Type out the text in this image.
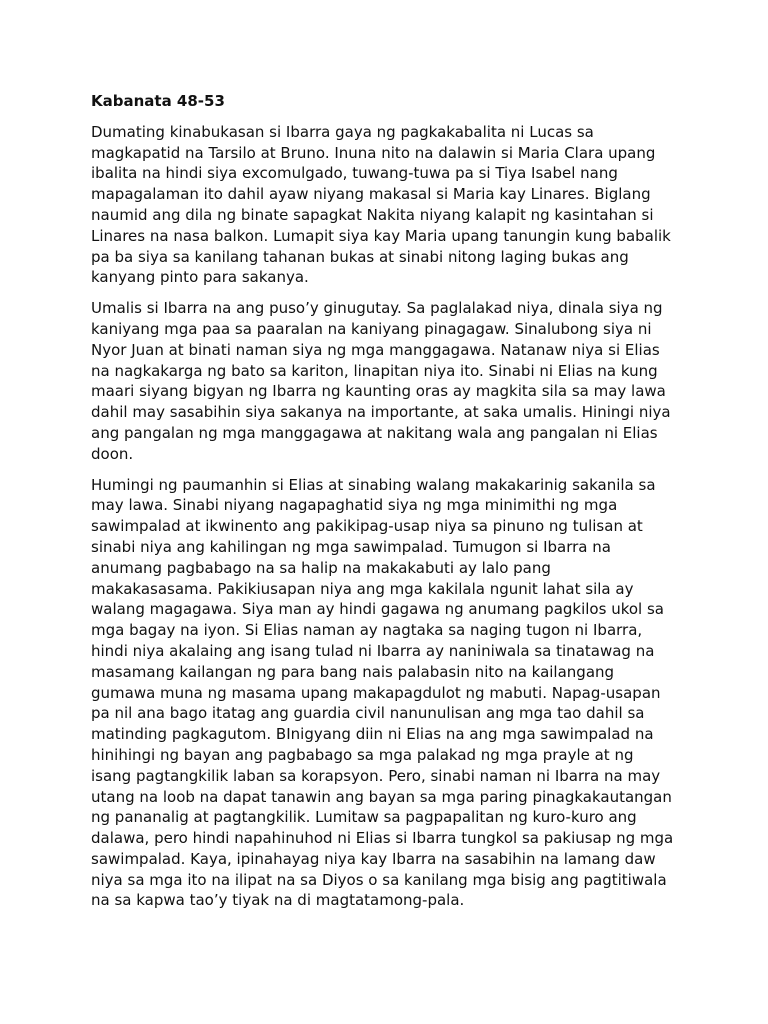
Kabanata 48-53
Dumating kinabukasan si Ibarra gaya ng pagkakabalita ni Lucas sa
magkapatid na Tarsilo at Bruno. Inuna nito na dalawin si Maria Clara upang
ibalita na hindi siya excomulgado, tuwang-tuwa pa si Tiya Isabel nang
mapagalaman ito dahil ayaw niyang makasal si Maria kay Linares. Biglang
naumid ang dila ng binate sapagkat Nakita niyang kalapit ng kasintahan si
Linares na nasa balkon. Lumapit siya kay Maria upang tanungin kung babalik
pa ba siya sa kanilang tahanan bukas at sinabi nitong laging bukas ang
kanyang pinto para sakanya.
Umalis si Ibarra na ang puso’y ginugutay. Sa paglalakad niya, dinala siya ng
kaniyang mga paa sa paaralan na kaniyang pinagagaw. Sinalubong siya ni
Nyor Juan at binati naman siya ng mga manggagawa. Natanaw niya si Elias
na nagkakarga ng bato sa kariton, linapitan niya ito. Sinabi ni Elias na kung
maari siyang bigyan ng Ibarra ng kaunting oras ay magkita sila sa may lawa
dahil may sasabihin siya sakanya na importante, at saka umalis. Hiningi niya
ang pangalan ng mga manggagawa at nakitang wala ang pangalan ni Elias
doon.
Humingi ng paumanhin si Elias at sinabing walang makakarinig sakanila sa
may lawa. Sinabi niyang nagapaghatid siya ng mga minimithi ng mga
sawimpalad at ikwinento ang pakikipag-usap niya sa pinuno ng tulisan at
sinabi niya ang kahilingan ng mga sawimpalad. Tumugon si Ibarra na
anumang pagbabago na sa halip na makakabuti ay lalo pang
makakasasama. Pakikiusapan niya ang mga kakilala ngunit lahat sila ay
walang magagawa. Siya man ay hindi gagawa ng anumang pagkilos ukol sa
mga bagay na iyon. Si Elias naman ay nagtaka sa naging tugon ni Ibarra,
hindi niya akalaing ang isang tulad ni Ibarra ay naniniwala sa tinatawag na
masamang kailangan ng para bang nais palabasin nito na kailangang
gumawa muna ng masama upang makapagdulot ng mabuti. Napag-usapan
pa nil ana bago itatag ang guardia civil nanunulisan ang mga tao dahil sa
matinding pagkagutom. BInigyang diin ni Elias na ang mga sawimpalad na
hinihingi ng bayan ang pagbabago sa mga palakad ng mga prayle at ng
isang pagtangkilik laban sa korapsyon. Pero, sinabi naman ni Ibarra na may
utang na loob na dapat tanawin ang bayan sa mga paring pinagkakautangan
ng pananalig at pagtangkilik. Lumitaw sa pagpapalitan ng kuro-kuro ang
dalawa, pero hindi napahinuhod ni Elias si Ibarra tungkol sa pakiusap ng mga
sawimpalad. Kaya, ipinahayag niya kay Ibarra na sasabihin na lamang daw
niya sa mga ito na ilipat na sa Diyos o sa kanilang mga bisig ang pagtitiwala
na sa kapwa tao’y tiyak na di magtatamong-pala.
